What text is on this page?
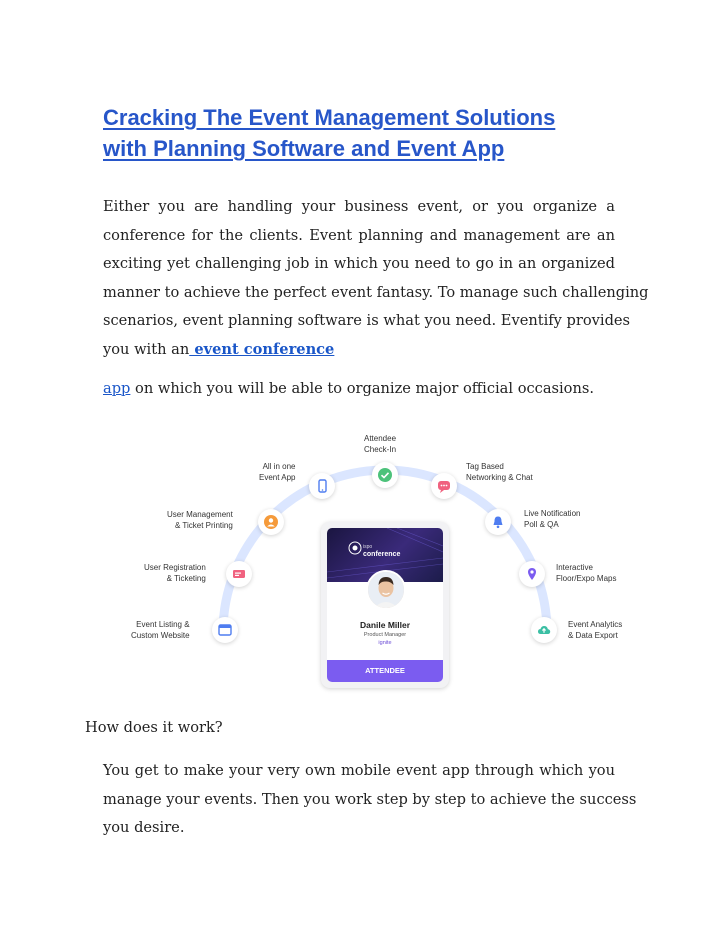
Cracking The Event Management Solutions
with Planning Software and Event App
Either you are handling your business event, or you organize a
conference for the clients. Event planning and management are an
exciting yet challenging job in which you need to go in an organized
manner to achieve the perfect event fantasy. To manage such challenging
scenarios, event planning software is what you need. Eventify provides
you with an event conference
app on which you will be able to organize major official occasions.
Attendee
Check-In
All in one
Event App
Tag Based
Networking & Chat
User Management
& Ticket Printing
Live Notification
Poll & QA
User Registration
& Ticketing
Interactive
Floor/Expo Maps
Event Listing &
Custom Website
Event Analytics
& Data Export
ispo
conference
Danile Miller
Product Manager
ignite
ATTENDEE

How does it work?

You get to make your very own mobile event app through which you
manage your events. Then you work step by step to achieve the success
you desire.
